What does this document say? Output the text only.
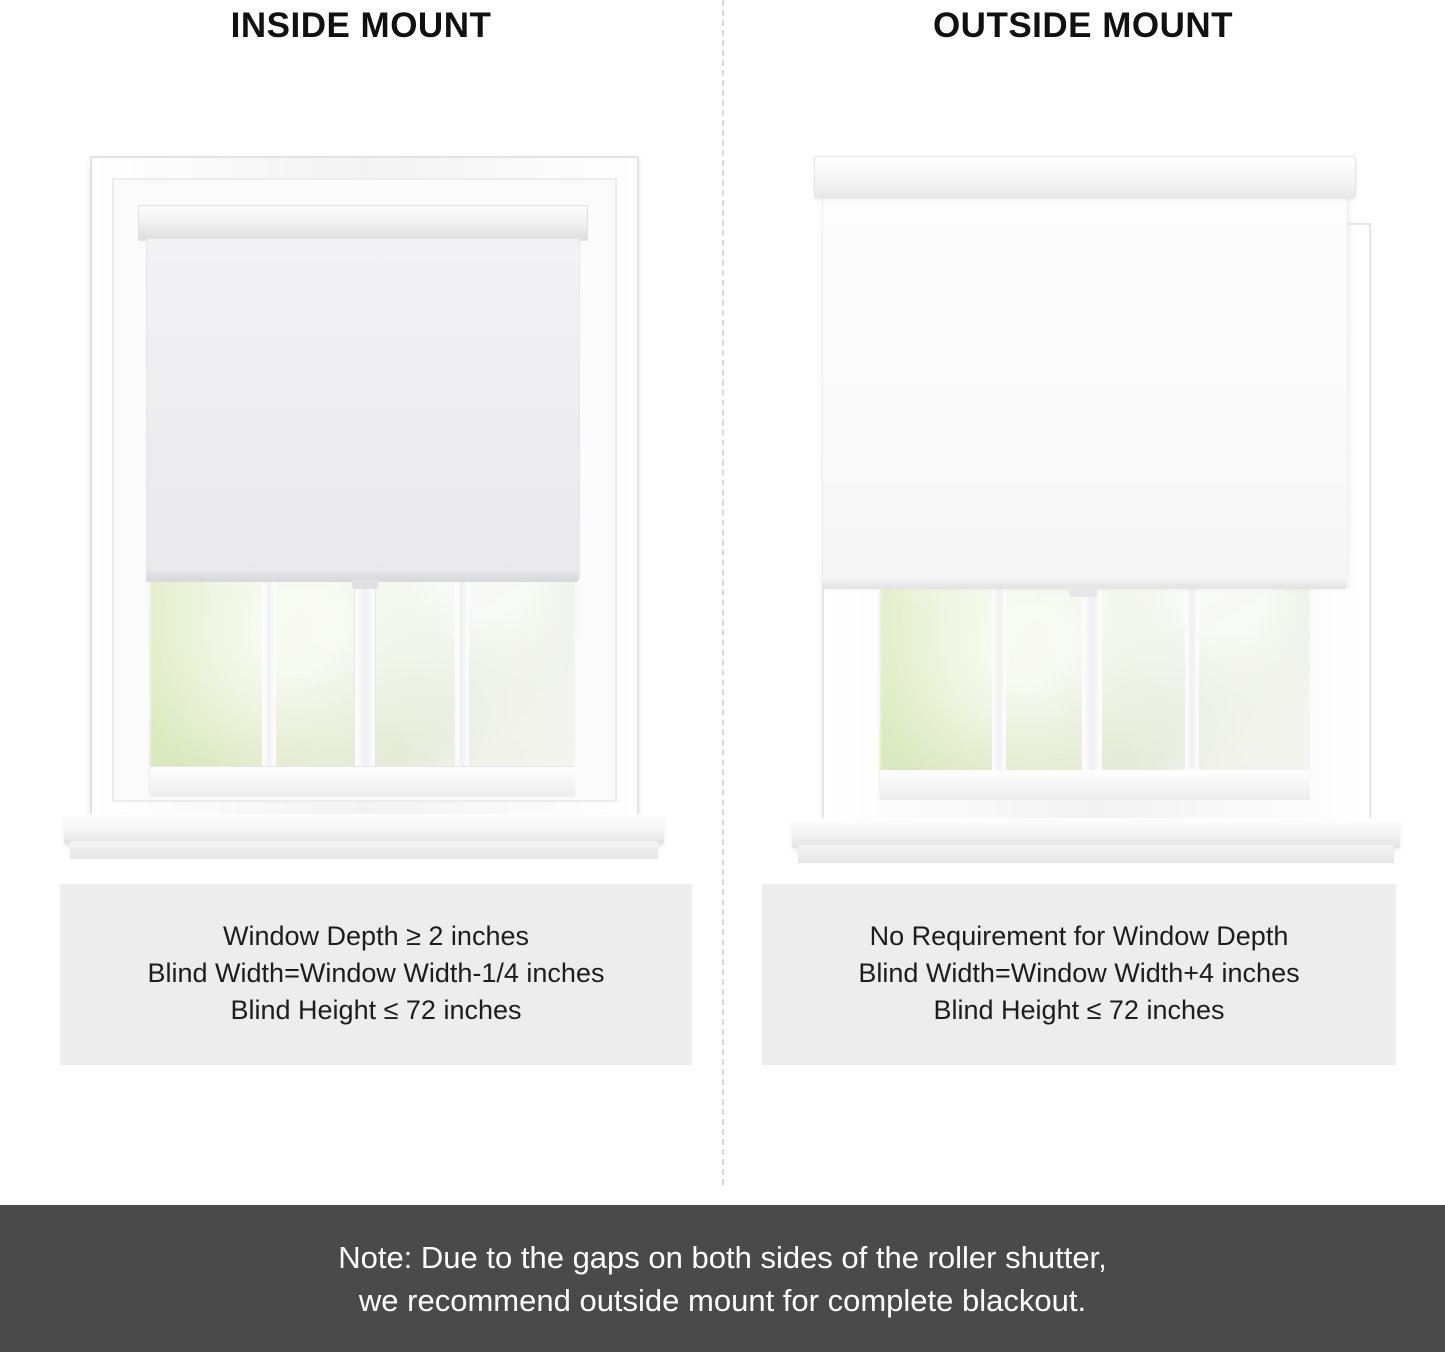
INSIDE MOUNT	OUTSIDE MOUNT
Window Depth ≥ 2 inches
Blind Width=Window Width-1/4 inches
Blind Height ≤ 72 inches
No Requirement for Window Depth
Blind Width=Window Width+4 inches
Blind Height ≤ 72 inches
Note: Due to the gaps on both sides of the roller shutter,
we recommend outside mount for complete blackout.
